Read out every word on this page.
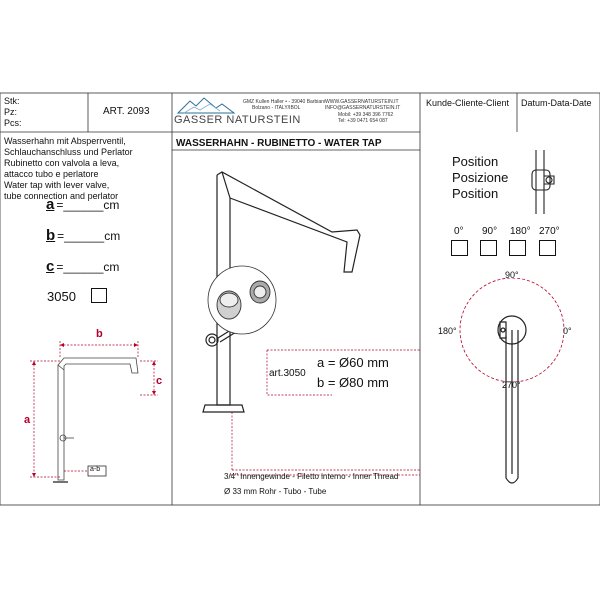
Stk:
Pz:
Pcs:
ART. 2093
GASSER NATURSTEIN
GMZ Kullen Haller • - 39040 Barbiani
Bolzano - ITALY/IBOL
WWW.GASSERNATURSTEIN.IT
INFO@GASSERNATURSTEIN.IT
Mobil: +39 348 396 7762
Tel: +39 0471 654 087
Kunde-Cliente-Client Datum-Data-Date
Wasserhahn mit Absperrventil,
Schlauchanschluss und Perlator
Rubinetto con valvola a leva,
attacco tubo e perlatore
Water tap with lever valve,
tube connection and perlator
a =______cm
b =______cm
c =______cm
3050
b
a
c
a-b
WASSERHAHN - RUBINETTO - WATER TAP
art.3050
a = Ø60 mm
b = Ø80 mm
3/4" Innengewinde - Filetto interno - Inner Thread
Ø 33 mm Rohr - Tubo - Tube
Position
Posizione
Position
0° 90° 180° 270°
90°
180°	0°
270°
